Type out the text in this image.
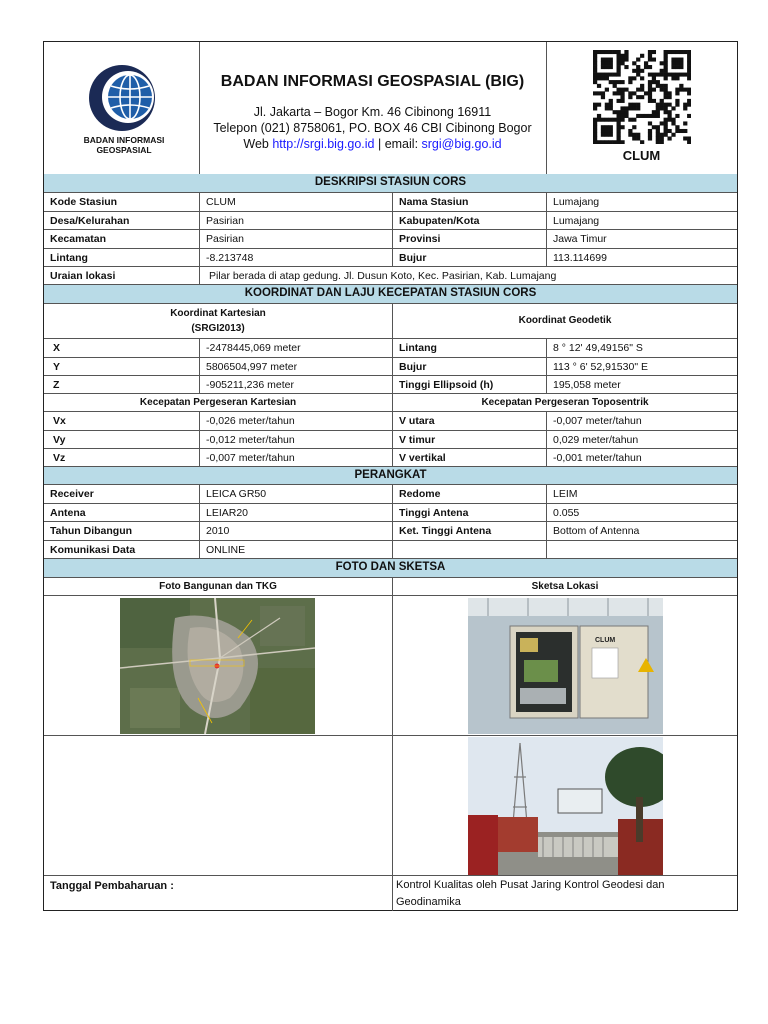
BADAN INFORMASI
GEOSPASIAL
BADAN INFORMASI GEOSPASIAL (BIG)
Jl. Jakarta – Bogor Km. 46 Cibinong 16911
Telepon (021) 8758061, PO. BOX 46 CBI Cibinong Bogor
Web http://srgi.big.go.id | email: srgi@big.go.id
CLUM
DESKRIPSI STASIUN CORS
Kode Stasiun	CLUM	Nama Stasiun	Lumajang
Desa/Kelurahan	Pasirian	Kabupaten/Kota	Lumajang
Kecamatan	Pasirian	Provinsi	Jawa Timur
Lintang	-8.213748	Bujur	113.114699
Uraian lokasi	Pilar berada di atap gedung. Jl. Dusun Koto, Kec. Pasirian, Kab. Lumajang
KOORDINAT DAN LAJU KECEPATAN STASIUN CORS
Koordinat Kartesian
(SRGI2013)
Koordinat Geodetik
X	-2478445,069 meter	Lintang	8 ° 12' 49,49156" S
Y	5806504,997 meter	Bujur	113 ° 6' 52,91530" E
Z	-905211,236 meter	Tinggi Ellipsoid (h)	195,058 meter
Kecepatan Pergeseran Kartesian	Kecepatan Pergeseran Toposentrik
Vx	-0,026 meter/tahun	V utara	-0,007 meter/tahun
Vy	-0,012 meter/tahun	V timur	0,029 meter/tahun
Vz	-0,007 meter/tahun	V vertikal	-0,001 meter/tahun
PERANGKAT
Receiver	LEICA GR50	Redome	LEIM
Antena	LEIAR20	Tinggi Antena	0.055
Tahun Dibangun	2010	Ket. Tinggi Antena	Bottom of Antenna
Komunikasi Data	ONLINE
FOTO DAN SKETSA
Foto Bangunan dan TKG	Sketsa Lokasi
CLUM
Tanggal Pembaharuan :	Kontrol Kualitas oleh Pusat Jaring Kontrol Geodesi dan
Geodinamika
